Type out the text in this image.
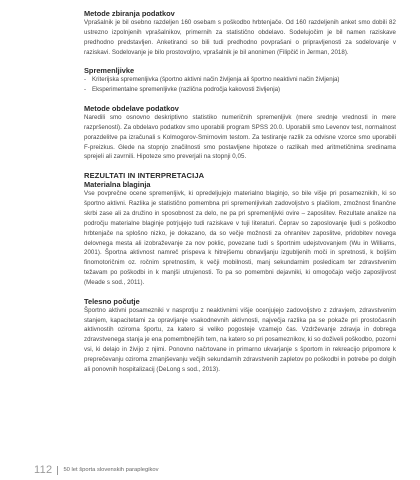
Metode zbiranja podatkov

Vprašalnik je bil osebno razdeljen 160 osebam s poškodbo hrbtenjače. Od 160 razdeljenih anket smo dobili 82 ustrezno izpolnjenih vprašalnikov, primernih za statistično obdelavo. Sodelujočim je bil namen raziskave predhodno predstavljen. Anketiranci so bili tudi predhodno povprašani o pripravljenosti za sodelovanje v raziskavi. Sodelovanje je bilo prostovoljno, vprašalnik je bil anonimen (Filipčič in Jerman, 2018).

Spremenljivke
- Kriterijska spremenljivka (športno aktivni način življenja ali športno neaktivni način življenja)
- Eksperimentalne spremenljivke (različna področja kakovosti življenja)
Metode obdelave podatkov

Naredili smo osnovno deskriptivno statistiko numeričnih spremenljivk (mere srednje vrednosti in mere razpršenosti). Za obdelavo podatkov smo uporabili program SPSS 20.0. Uporabili smo Levenov test, normalnost porazdelitve pa izračunali s Kolmogorov-Smirnovim testom. Za testiranje razlik za odvisne vzorce smo uporabili F-preizkus. Glede na stopnjo značilnosti smo postavljene hipoteze o razlikah med aritmetičnima sredinama sprejeli ali zavrnili. Hipoteze smo preverjali na stopnji 0,05.

REZULTATI IN INTERPRETACIJA
Materialna blaginja

Vse povprečne ocene spremenljivk, ki opredeljujejo materialno blaginjo, so bile višje pri posameznikih, ki so športno aktivni. Razlika je statistično pomembna pri spremenljivkah zadovoljstvo s plačilom, zmožnost finančne skrbi zase ali za družino in sposobnost za delo, ne pa pri spremenljivki ovire – zaposlitev. Rezultate analize na področju materialne blaginje potrjujejo tudi raziskave v tuji literaturi. Čeprav so zaposlovanje ljudi s poškodbo hrbtenjače na splošno nizko, je dokazano, da so večje možnosti za ohranitev zaposlitve, pridobitev novega delovnega mesta ali izobraževanje za nov poklic, povezane tudi s športnim udejstvovanjem (Wu in Williams, 2001). Športna aktivnost namreč prispeva k hitrejšemu obnavljanju izgubljenih moči in spretnosti, k boljšim finomotoričnim oz. ročnim spretnostim, k večji mobilnosti, manj sekundarnim posledicam ter zdravstvenim težavam po poškodbi in k manjši utrujenosti. To pa so pomembni dejavniki, ki omogočajo večjo zaposljivost (Meade s sod., 2011).

Telesno počutje

Športno aktivni posamezniki v nasprotju z neaktivnimi višje ocenjujejo zadovoljstvo z zdravjem, zdravstvenim stanjem, kapacitetami za opravljanje vsakodnevnih aktivnosti, največja razlika pa se pokaže pri prostočasnih aktivnostih oziroma športu, za katero si veliko pogosteje vzamejo čas. Vzdrževanje zdravja in dobrega zdravstvenega stanja je ena pomembnejših tem, na katero so pri posameznikov, ki so doživeli poškodbo, pozorni vsi, ki delajo in živijo z njimi. Ponovno načrtovane in primarno ukvarjanje s športom in rekreacijo pripomore k preprečevanju oziroma zmanjševanju večjih sekundarnih zdravstvenih zapletov po poškodbi in potrebe po dolgih ali ponovnih hospitalizacij (DeLong s sod., 2013).

112 50 let športa slovenskih paraplegikov
